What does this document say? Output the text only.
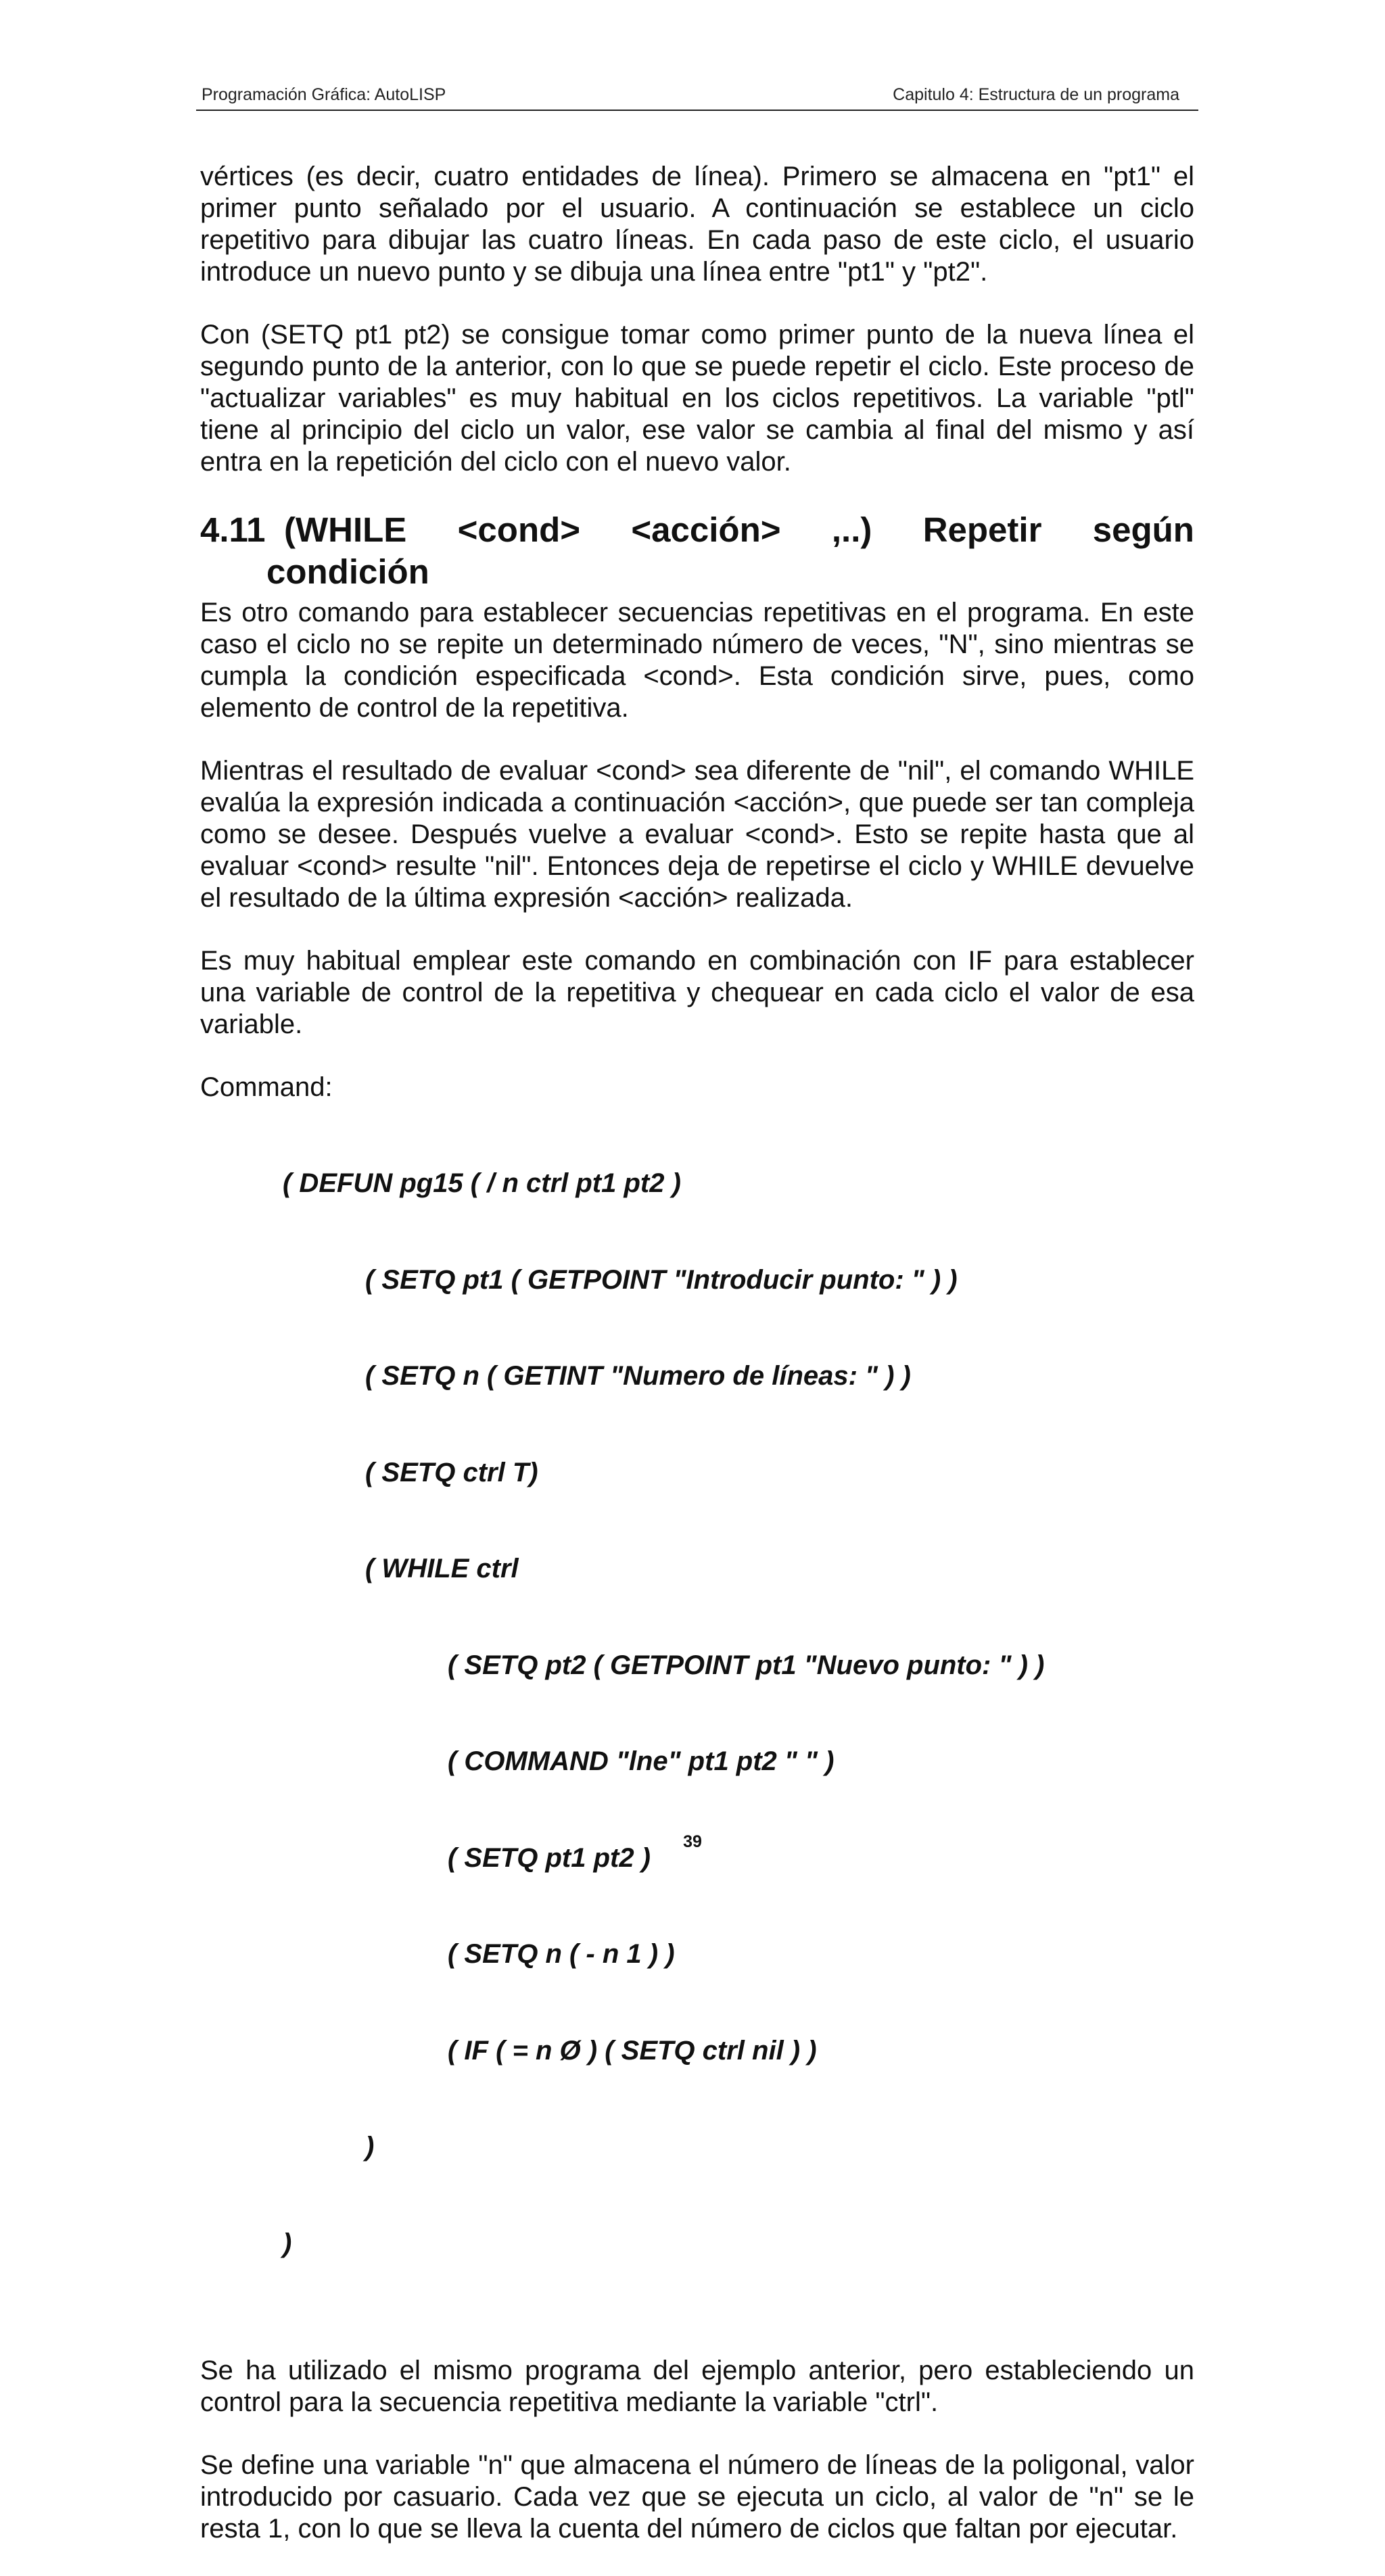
Programación Gráfica: AutoLISP	Capitulo 4: Estructura de un programa

vértices (es decir, cuatro entidades de línea). Primero se almacena en "pt1" el primer punto señalado por el usuario. A continuación se establece un ciclo repetitivo para dibujar las cuatro líneas. En cada paso de este ciclo, el usuario introduce un nuevo punto y se dibuja una línea entre "pt1" y "pt2".

Con (SETQ pt1 pt2) se consigue tomar como primer punto de la nueva línea el segundo punto de la anterior, con lo que se puede repetir el ciclo. Este proceso de "actualizar variables" es muy habitual en los ciclos repetitivos. La variable "ptl" tiene al principio del ciclo un valor, ese valor se cambia al final del mismo y así entra en la repetición del ciclo con el nuevo valor.

4.11 (WHILE <cond> <acción> ,..) Repetir según
condición

Es otro comando para establecer secuencias repetitivas en el programa. En este caso el ciclo no se repite un determinado número de veces, "N", sino mientras se cumpla la condición especificada <cond>. Esta condición sirve, pues, como elemento de control de la repetitiva.

Mientras el resultado de evaluar <cond> sea diferente de "nil", el comando WHILE evalúa la expresión indicada a continuación <acción>, que puede ser tan compleja como se desee. Después vuelve a evaluar <cond>. Esto se repite hasta que al evaluar <cond> resulte "nil". Entonces deja de repetirse el ciclo y WHILE devuelve el resultado de la última expresión <acción> realizada.

Es muy habitual emplear este comando en combinación con IF para establecer una variable de control de la repetitiva y chequear en cada ciclo el valor de esa variable.

Command:

( DEFUN pg15 ( / n ctrl pt1 pt2 )

( SETQ pt1 ( GETPOINT "Introducir punto: " ) )

( SETQ n ( GETINT "Numero de líneas: " ) )

( SETQ ctrl T)

( WHILE ctrl

( SETQ pt2 ( GETPOINT pt1 "Nuevo punto: " ) )

( COMMAND "lne" pt1 pt2 " " )

( SETQ pt1 pt2 )

( SETQ n ( - n 1 ) )

( IF ( = n Ø ) ( SETQ ctrl nil ) )

)

)

Se ha utilizado el mismo programa del ejemplo anterior, pero estableciendo un control para la secuencia repetitiva mediante la variable "ctrl".

Se define una variable "n" que almacena el número de líneas de la poligonal, valor introducido por casuario. Cada vez que se ejecuta un ciclo, al valor de "n" se le resta 1, con lo que se lleva la cuenta del número de ciclos que faltan por ejecutar.

39
